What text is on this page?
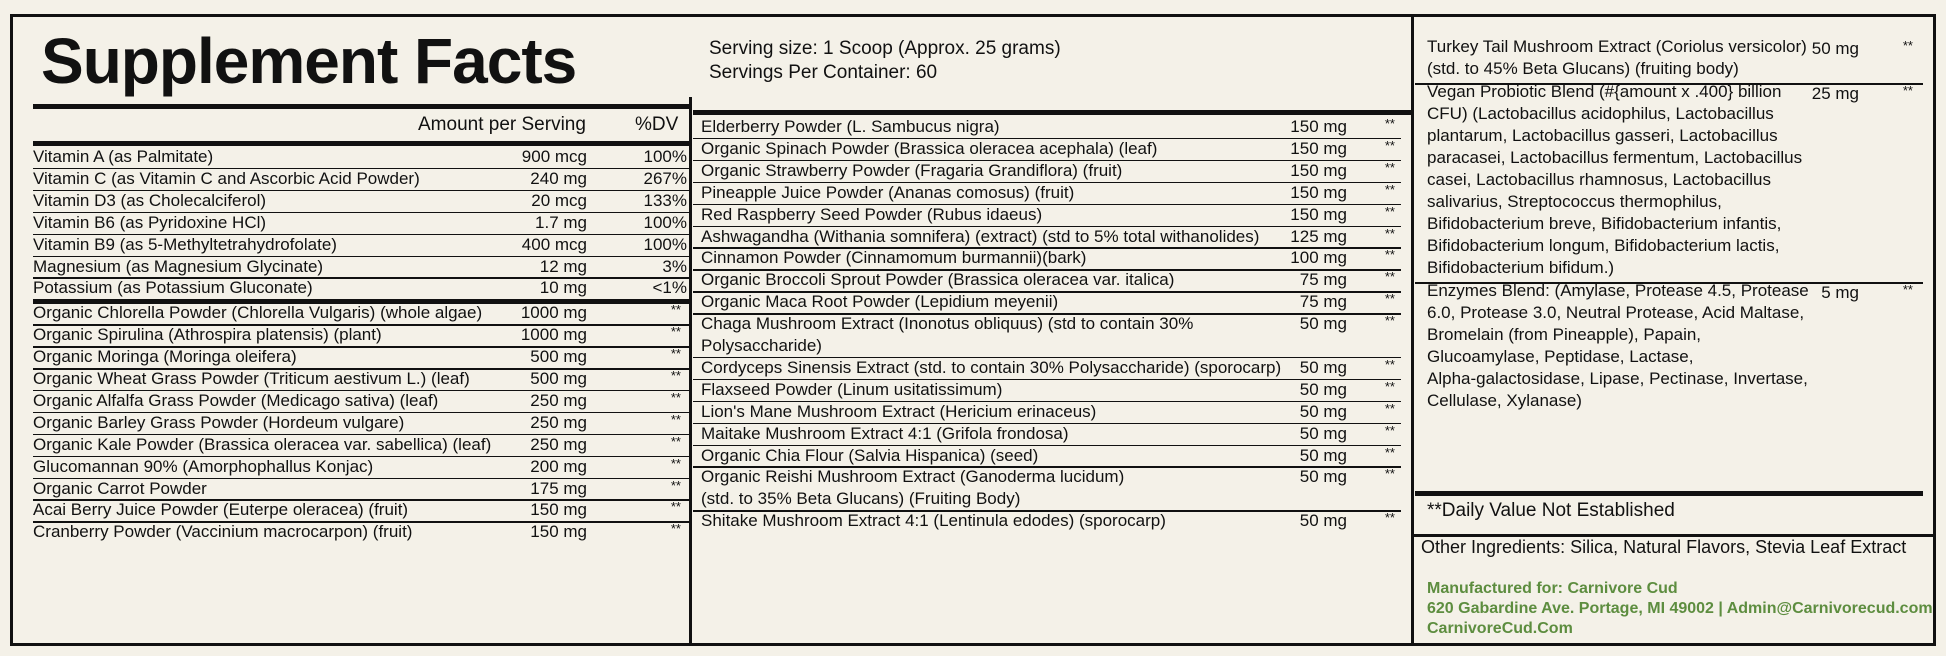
Supplement Facts	Serving size: 1 Scoop (Approx. 25 grams)
Servings Per Container: 60
Amount per Serving	%DV
Vitamin A (as Palmitate)	900 mcg	100%
Vitamin C (as Vitamin C and Ascorbic Acid Powder)	240 mg	267%
Vitamin D3 (as Cholecalciferol)	20 mcg	133%
Vitamin B6 (as Pyridoxine HCl)	1.7 mg	100%
Vitamin B9 (as 5-Methyltetrahydrofolate)	400 mcg	100%
Magnesium (as Magnesium Glycinate)	12 mg	3%
Potassium (as Potassium Gluconate)	10 mg	<1%
Organic Chlorella Powder (Chlorella Vulgaris) (whole algae) 1000 mg	**
Organic Spirulina (Athrospira platensis) (plant)	1000 mg	**
Organic Moringa (Moringa oleifera)	500 mg	**
Organic Wheat Grass Powder (Triticum aestivum L.) (leaf)	500 mg	**
Organic Alfalfa Grass Powder (Medicago sativa) (leaf)	250 mg	**
Organic Barley Grass Powder (Hordeum vulgare)	250 mg	**
Organic Kale Powder (Brassica oleracea var. sabellica) (leaf) 250 mg	**
Glucomannan 90% (Amorphophallus Konjac)	200 mg	**
Organic Carrot Powder	175 mg	**
Acai Berry Juice Powder (Euterpe oleracea) (fruit)	150 mg	**
Cranberry Powder (Vaccinium macrocarpon) (fruit)	150 mg	**
Elderberry Powder (L. Sambucus nigra)	150 mg	**
Organic Spinach Powder (Brassica oleracea acephala) (leaf)	150 mg	**
Organic Strawberry Powder (Fragaria Grandiflora) (fruit)	150 mg	**
Pineapple Juice Powder (Ananas comosus) (fruit)	150 mg	**
Red Raspberry Seed Powder (Rubus idaeus)	150 mg	**
Ashwagandha (Withania somnifera) (extract) (std to 5% total withanolides) 125 mg	**
Cinnamon Powder (Cinnamomum burmannii)(bark)	100 mg	**
Organic Broccoli Sprout Powder (Brassica oleracea var. italica)	75 mg	**
Organic Maca Root Powder (Lepidium meyenii)	75 mg	**
Chaga Mushroom Extract (Inonotus obliquus) (std to contain 30%	50 mg	**
Polysaccharide)
Cordyceps Sinensis Extract (std. to contain 30% Polysaccharide) (sporocarp) 50 mg	**
Flaxseed Powder (Linum usitatissimum)	50 mg	**
Lion's Mane Mushroom Extract (Hericium erinaceus)	50 mg	**
Maitake Mushroom Extract 4:1 (Grifola frondosa)	50 mg	**
Organic Chia Flour (Salvia Hispanica) (seed)	50 mg	**
Organic Reishi Mushroom Extract (Ganoderma lucidum)	50 mg	**
(std. to 35% Beta Glucans) (Fruiting Body)
Shitake Mushroom Extract 4:1 (Lentinula edodes) (sporocarp)	50 mg	**
Turkey Tail Mushroom Extract (Coriolus versicolor)
(std. to 45% Beta Glucans) (fruiting body)
50 mg	**
Vegan Probiotic Blend (#{amount x .400} billion
CFU) (Lactobacillus acidophilus, Lactobacillus
plantarum, Lactobacillus gasseri, Lactobacillus
paracasei, Lactobacillus fermentum, Lactobacillus
casei, Lactobacillus rhamnosus, Lactobacillus
salivarius, Streptococcus thermophilus,
Bifidobacterium breve, Bifidobacterium infantis,
Bifidobacterium longum, Bifidobacterium lactis,
Bifidobacterium bifidum.)
25 mg	**
Enzymes Blend: (Amylase, Protease 4.5, Protease
6.0, Protease 3.0, Neutral Protease, Acid Maltase,
Bromelain (from Pineapple), Papain,
Glucoamylase, Peptidase, Lactase,
Alpha-galactosidase, Lipase, Pectinase, Invertase,
Cellulase, Xylanase)
5 mg	**
**Daily Value Not Established
Other Ingredients: Silica, Natural Flavors, Stevia Leaf Extract
Manufactured for: Carnivore Cud
620 Gabardine Ave. Portage, MI 49002 | Admin@Carnivorecud.com
CarnivoreCud.Com
